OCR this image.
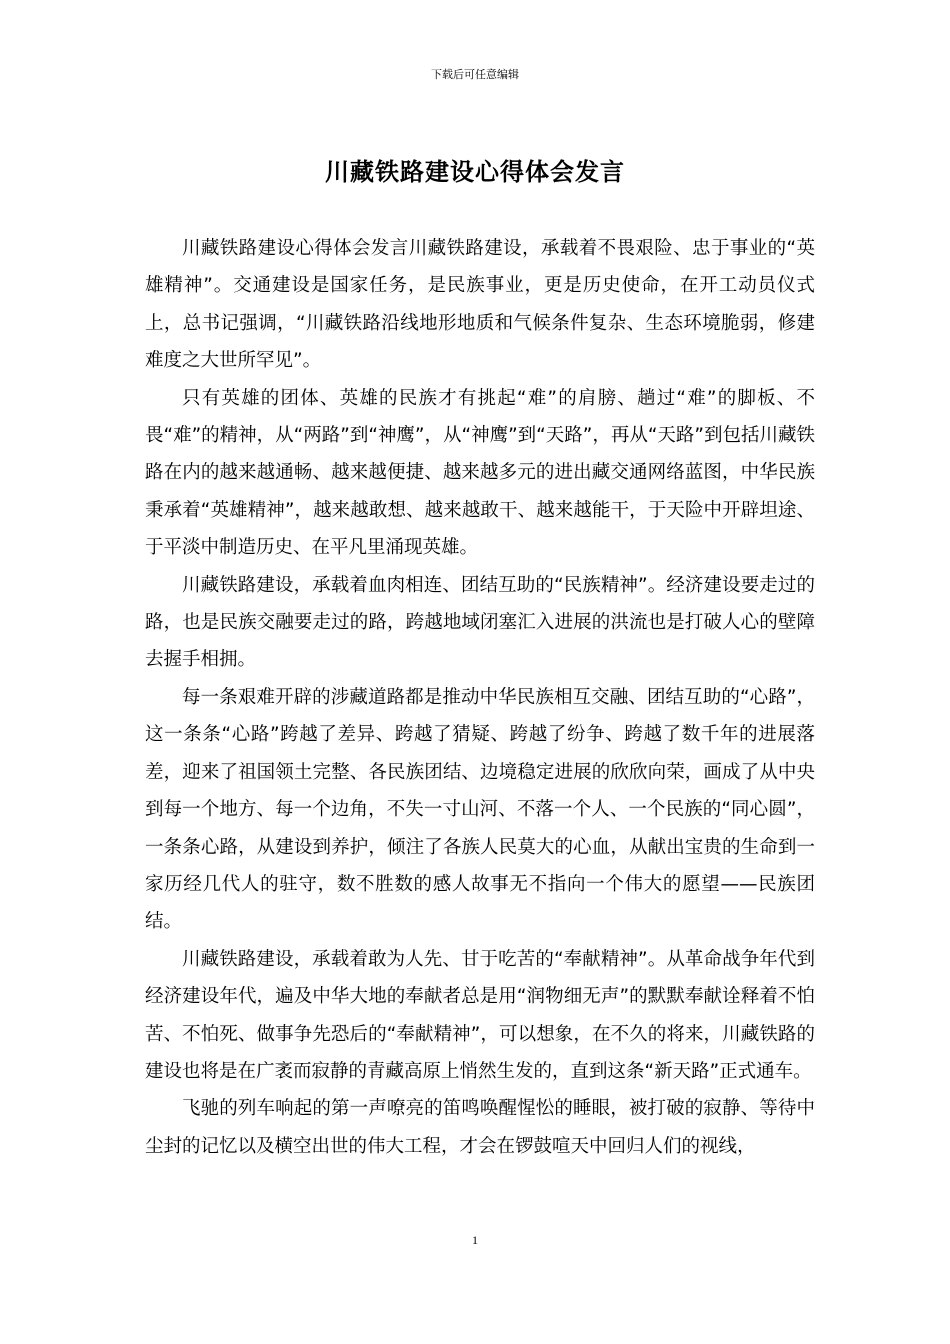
下载后可任意编辑
川藏铁路建设心得体会发言

川藏铁路建设心得体会发言川藏铁路建设，承载着不畏艰险、忠于事业的“英雄精神”。交通建设是国家任务，是民族事业，更是历史使命，在开工动员仪式上，总书记强调，“川藏铁路沿线地形地质和气候条件复杂、生态环境脆弱，修建难度之大世所罕见”。

只有英雄的团体、英雄的民族才有挑起“难”的肩膀、趟过“难”的脚板、不畏“难”的精神，从“两路”到“神鹰”，从“神鹰”到“天路”，再从“天路”到包括川藏铁路在内的越来越通畅、越来越便捷、越来越多元的进出藏交通网络蓝图，中华民族秉承着“英雄精神”，越来越敢想、越来越敢干、越来越能干，于天险中开辟坦途、于平淡中制造历史、在平凡里涌现英雄。

川藏铁路建设，承载着血肉相连、团结互助的“民族精神”。经济建设要走过的路，也是民族交融要走过的路，跨越地域闭塞汇入进展的洪流也是打破人心的壁障去握手相拥。

每一条艰难开辟的涉藏道路都是推动中华民族相互交融、团结互助的“心路”，这一条条“心路”跨越了差异、跨越了猜疑、跨越了纷争、跨越了数千年的进展落差，迎来了祖国领土完整、各民族团结、边境稳定进展的欣欣向荣，画成了从中央到每一个地方、每一个边角，不失一寸山河、不落一个人、一个民族的“同心圆”，一条条心路，从建设到养护，倾注了各族人民莫大的心血，从献出宝贵的生命到一家历经几代人的驻守，数不胜数的感人故事无不指向一个伟大的愿望——民族团结。

川藏铁路建设，承载着敢为人先、甘于吃苦的“奉献精神”。从革命战争年代到经济建设年代，遍及中华大地的奉献者总是用“润物细无声”的默默奉献诠释着不怕苦、不怕死、做事争先恐后的“奉献精神”，可以想象，在不久的将来，川藏铁路的建设也将是在广袤而寂静的青藏高原上悄然生发的，直到这条“新天路”正式通车。

飞驰的列车响起的第一声嘹亮的笛鸣唤醒惺忪的睡眼，被打破的寂静、等待中尘封的记忆以及横空出世的伟大工程，才会在锣鼓喧天中回归人们的视线，

1
